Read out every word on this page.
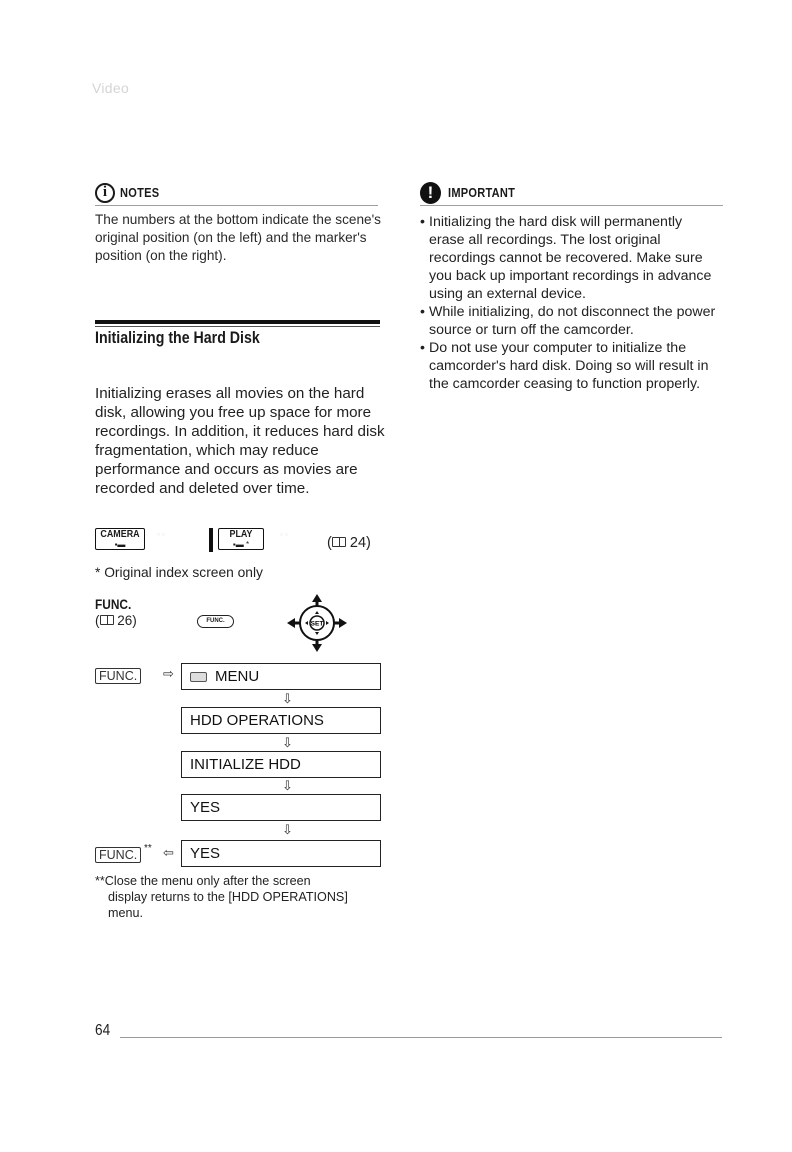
Video
i NOTES

The numbers at the bottom indicate the scene's original position (on the left) and the marker's position (on the right).

Initializing the Hard Disk

Initializing erases all movies on the hard disk, allowing you free up space for more recordings. In addition, it reduces hard disk fragmentation, which may reduce performance and occurs as movies are recorded and deleted over time.

CAMERA
▪▬
▫ ▫	PLAY
▪▬ *
▫ ▫
( 24)
* Original index screen only
FUNC.
( 26)	FUNC.	SET
FUNC.	⇨	MENU
⇩
HDD OPERATIONS
⇩
INITIALIZE HDD
⇩
YES
⇩
FUNC. ** ⇦	YES
**Close the menu only after the screen
display returns to the [HDD OPERATIONS] menu.
!	IMPORTANT
• Initializing the hard disk will permanently erase all recordings. The lost original recordings cannot be recovered. Make sure you back up important recordings in advance using an external device.
• While initializing, do not disconnect the power source or turn off the camcorder.
• Do not use your computer to initialize the camcorder's hard disk. Doing so will result in the camcorder ceasing to function properly.
64
